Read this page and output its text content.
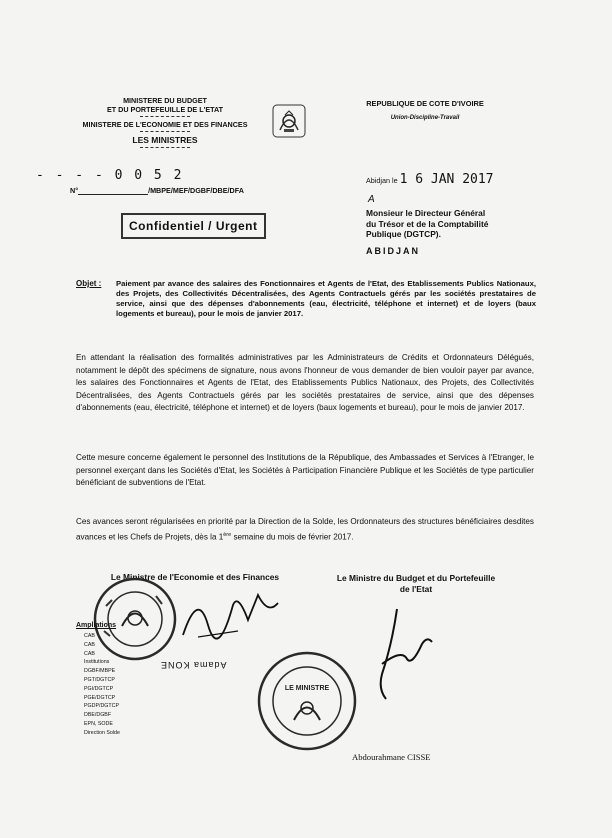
MINISTERE DU BUDGET
ET DU PORTEFEUILLE DE L'ETAT
MINISTERE DE L'ECONOMIE ET DES FINANCES
LES MINISTRES
REPUBLIQUE DE COTE D'IVOIRE
Union-Discipline-Travail
- - - - 0 0 5 2
N°	/MBPE/MEF/DGBF/DBE/DFA
Confidentiel / Urgent
Abidjan le 1 6 JAN 2017
A
Monsieur le Directeur Général
du Trésor et de la Comptabilité
Publique (DGTCP).
ABIDJAN
Objet : Paiement par avance des salaires des Fonctionnaires et Agents de l'Etat, des Etablissements Publics Nationaux, des Projets, des Collectivités Décentralisées, des Agents Contractuels gérés par les sociétés prestataires de service, ainsi que des dépenses d'abonnements (eau, électricité, téléphone et internet) et de loyers (baux logements et bureau), pour le mois de janvier 2017.
En attendant la réalisation des formalités administratives par les Administrateurs de Crédits et Ordonnateurs Délégués, notamment le dépôt des spécimens de signature, nous avons l'honneur de vous demander de bien vouloir payer par avance, les salaires des Fonctionnaires et Agents de l'Etat, des Etablissements Publics Nationaux, des Projets, des Collectivités Décentralisées, des Agents Contractuels gérés par les sociétés prestataires de service, ainsi que des dépenses d'abonnements (eau, électricité, téléphone et internet) et de loyers (baux logements et bureau), pour le mois de janvier 2017.
Cette mesure concerne également le personnel des Institutions de la République, des Ambassades et Services à l'Etranger, le personnel exerçant dans les Sociétés d'Etat, les Sociétés à Participation Financière Publique et les Sociétés de type particulier bénéficiant de subventions de l'Etat.
Ces avances seront régularisées en priorité par la Direction de la Solde, les Ordonnateurs des structures bénéficiaires desdites avances et les Chefs de Projets, dès la 1ère semaine du mois de février 2017.
Le Ministre de l'Economie et des Finances	Le Ministre du Budget et du Portefeuille
de l'Etat
Ampliations
CAB
CAB
CAB
Institutions
DGBF/MBPE
PGT/DGTCP
PGI/DGTCP
PGE/DGTCP
PGDP/DGTCP
DBE/DGBF
EPN, SODE
Direction Solde
Adama KONE
LE MINISTRE
Abdourahmane CISSE
